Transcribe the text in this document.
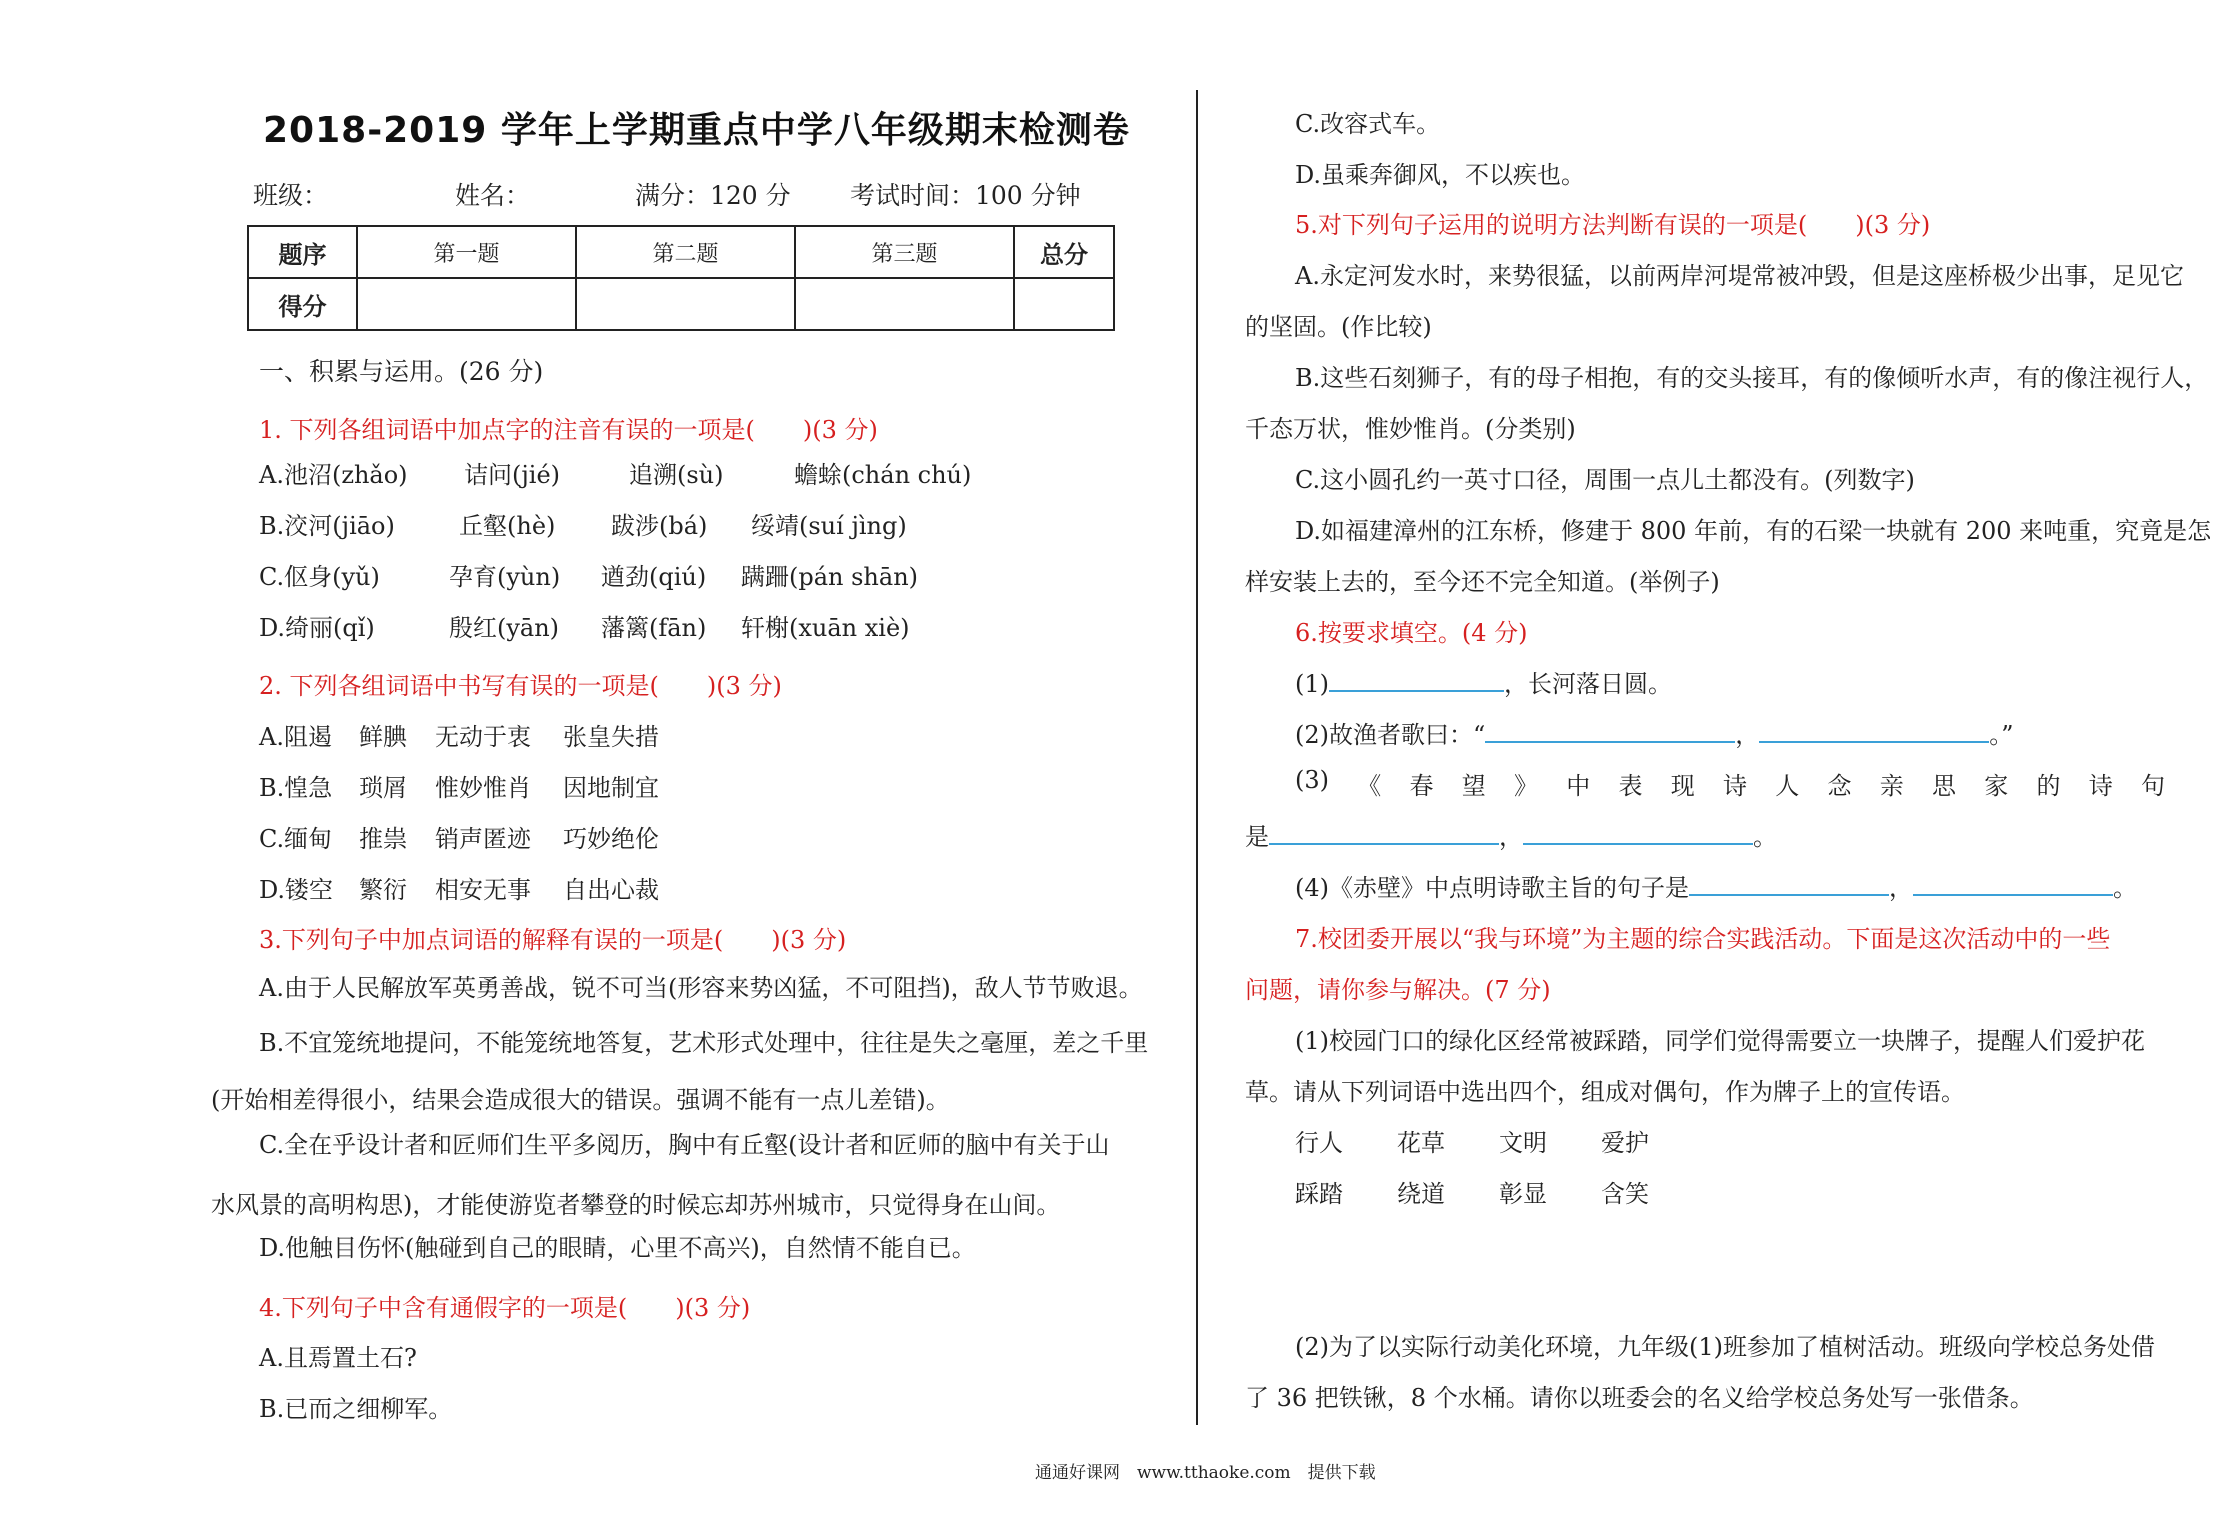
2018-2019 学年上学期重点中学八年级期末检测卷
班级：	姓名：	满分：120 分 考试时间：100 分钟
题序	第一题	第二题	第三题	总分
得分				
一、积累与运用。(26 分)
1. 下列各组词语中加点字的注音有误的一项是(　　)(3 分)
A.池沼(zhǎo) 诘问(jié)	追溯(sù)	蟾蜍(chán chú)
B.洨河(jiāo)	丘壑(hè) 跋涉(bá) 绥靖(suí jìng)
C.伛身(yǔ)	孕育(yùn) 遒劲(qiú) 蹒跚(pán shān)
D.绮丽(qǐ)	殷红(yān) 藩篱(fān) 轩榭(xuān xiè)
2. 下列各组词语中书写有误的一项是(　　)(3 分)
A.阻遏 鲜腆 无动于衷 张皇失措
B.惶急 琐屑 惟妙惟肖 因地制宜
C.缅甸 推祟 销声匿迹 巧妙绝伦
D.镂空 繁衍 相安无事 自出心裁
3.下列句子中加点词语的解释有误的一项是(　　)(3 分)
A.由于人民解放军英勇善战，锐不可当(形容来势凶猛，不可阻挡)，敌人节节败退。
B.不宜笼统地提问，不能笼统地答复，艺术形式处理中，往往是失之毫厘，差之千里
(开始相差得很小，结果会造成很大的错误。强调不能有一点儿差错)。
C.全在乎设计者和匠师们生平多阅历，胸中有丘壑(设计者和匠师的脑中有关于山
水风景的高明构思)，才能使游览者攀登的时候忘却苏州城市，只觉得身在山间。
D.他触目伤怀(触碰到自己的眼睛，心里不高兴)，自然情不能自已。
4.下列句子中含有通假字的一项是(　　)(3 分)
A.且焉置土石?
B.已而之细柳军。
C.改容式车。
D.虽乘奔御风，不以疾也。
5.对下列句子运用的说明方法判断有误的一项是(　　)(3 分)
A.永定河发水时，来势很猛，以前两岸河堤常被冲毁，但是这座桥极少出事，足见它
的坚固。(作比较)
B.这些石刻狮子，有的母子相抱，有的交头接耳，有的像倾听水声，有的像注视行人，
千态万状，惟妙惟肖。(分类别)
C.这小圆孔约一英寸口径，周围一点儿土都没有。(列数字)
D.如福建漳州的江东桥，修建于 800 年前，有的石梁一块就有 200 来吨重，究竟是怎
样安装上去的，至今还不完全知道。(举例子)
6.按要求填空。(4 分)
(1)	，长河落日圆。
(2)故渔者歌曰：“	，	。”
(3) 《 春 望 》 中 表 现 诗 人 念 亲 思 家 的 诗 句
是	，	。
(4)《赤壁》中点明诗歌主旨的句子是	，	。
7.校团委开展以“我与环境”为主题的综合实践活动。下面是这次活动中的一些
问题，请你参与解决。(7 分)
(1)校园门口的绿化区经常被踩踏，同学们觉得需要立一块牌子，提醒人们爱护花
草。请从下列词语中选出四个，组成对偶句，作为牌子上的宣传语。
行人 花草 文明 爱护
踩踏 绕道 彰显 含笑
(2)为了以实际行动美化环境，九年级(1)班参加了植树活动。班级向学校总务处借
了 36 把铁锹，8 个水桶。请你以班委会的名义给学校总务处写一张借条。
通通好课网　www.tthaoke.com　提供下载
